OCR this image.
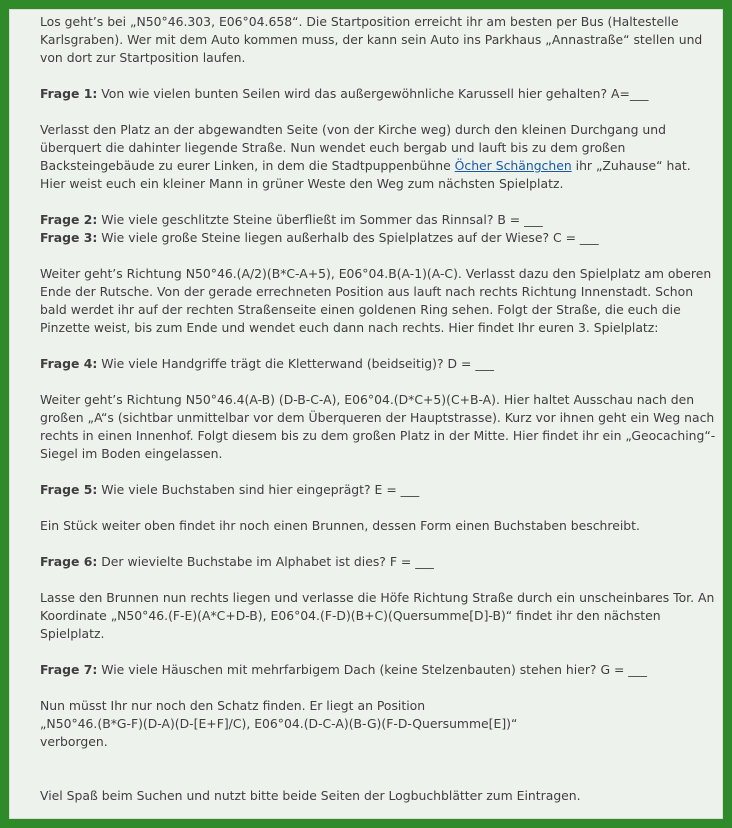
Los geht’s bei „N50°46.303, E06°04.658“. Die Startposition erreicht ihr am besten per Bus (Haltestelle Karlsgraben). Wer mit dem Auto kommen muss, der kann sein Auto ins Parkhaus „Annastraße“ stellen und von dort zur Startposition laufen.

Frage 1: Von wie vielen bunten Seilen wird das außergewöhnliche Karussell hier gehalten? A=___

Verlasst den Platz an der abgewandten Seite (von der Kirche weg) durch den kleinen Durchgang und überquert die dahinter liegende Straße. Nun wendet euch bergab und lauft bis zu dem großen Backsteingebäude zu eurer Linken, in dem die Stadtpuppenbühne Öcher Schängchen ihr „Zuhause“ hat. Hier weist euch ein kleiner Mann in grüner Weste den Weg zum nächsten Spielplatz.

Frage 2: Wie viele geschlitzte Steine überfließt im Sommer das Rinnsal? B = ___
Frage 3: Wie viele große Steine liegen außerhalb des Spielplatzes auf der Wiese? C = ___

Weiter geht’s Richtung N50°46.(A/2)(B*C-A+5), E06°04.B(A-1)(A-C). Verlasst dazu den Spielplatz am oberen Ende der Rutsche. Von der gerade errechneten Position aus lauft nach rechts Richtung Innenstadt. Schon bald werdet ihr auf der rechten Straßenseite einen goldenen Ring sehen. Folgt der Straße, die euch die Pinzette weist, bis zum Ende und wendet euch dann nach rechts. Hier findet Ihr euren 3. Spielplatz:

Frage 4: Wie viele Handgriffe trägt die Kletterwand (beidseitig)? D = ___

Weiter geht’s Richtung N50°46.4(A-B) (D-B-C-A), E06°04.(D*C+5)(C+B-A). Hier haltet Ausschau nach den großen „A“s (sichtbar unmittelbar vor dem Überqueren der Hauptstrasse). Kurz vor ihnen geht ein Weg nach rechts in einen Innenhof. Folgt diesem bis zu dem großen Platz in der Mitte. Hier findet ihr ein „Geocaching“-Siegel im Boden eingelassen.

Frage 5: Wie viele Buchstaben sind hier eingeprägt? E = ___

Ein Stück weiter oben findet ihr noch einen Brunnen, dessen Form einen Buchstaben beschreibt.

Frage 6: Der wievielte Buchstabe im Alphabet ist dies? F = ___

Lasse den Brunnen nun rechts liegen und verlasse die Höfe Richtung Straße durch ein unscheinbares Tor. An Koordinate „N50°46.(F-E)(A*C+D-B), E06°04.(F-D)(B+C)(Quersumme[D]-B)“ findet ihr den nächsten Spielplatz.

Frage 7: Wie viele Häuschen mit mehrfarbigem Dach (keine Stelzenbauten) stehen hier? G = ___

Nun müsst Ihr nur noch den Schatz finden. Er liegt an Position
„N50°46.(B*G-F)(D-A)(D-[E+F]/C), E06°04.(D-C-A)(B-G)(F-D-Quersumme[E])“
verborgen.

Viel Spaß beim Suchen und nutzt bitte beide Seiten der Logbuchblätter zum Eintragen.
